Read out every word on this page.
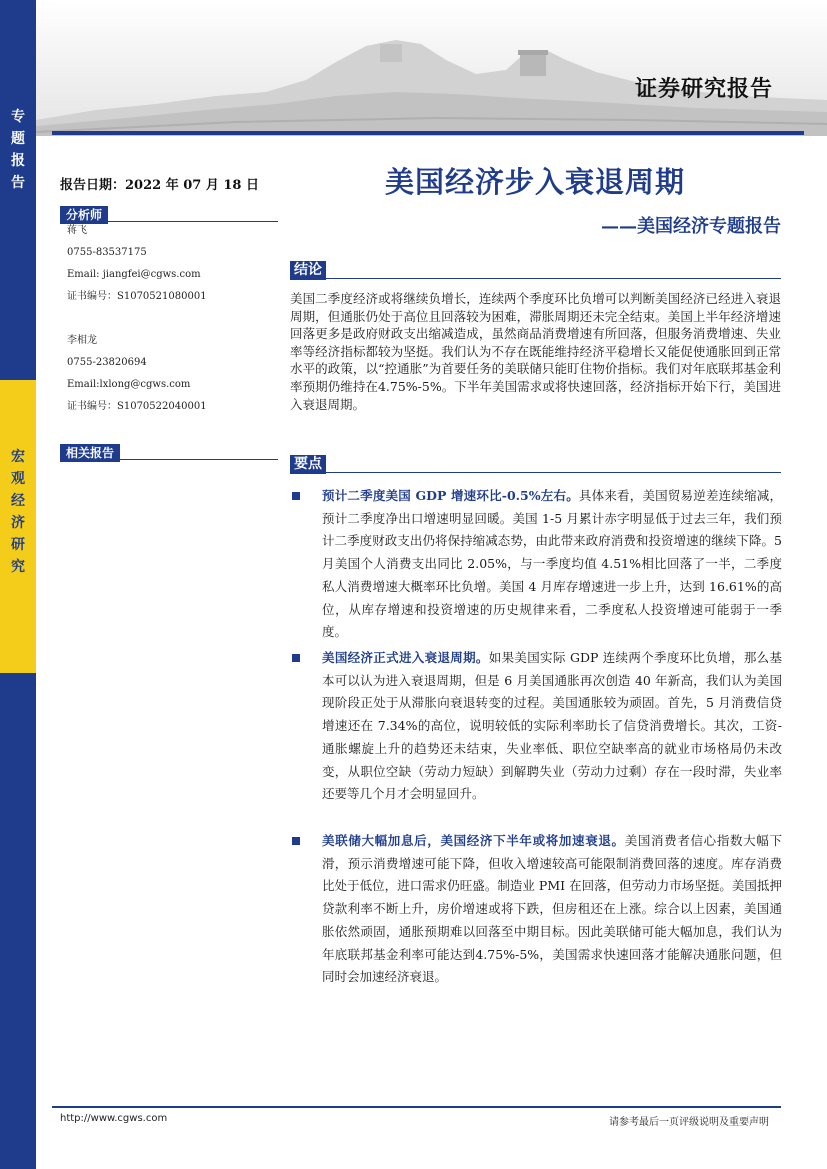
专
题
报
告
宏
观
经
济
研
究
证券研究报告
报告日期：2022 年 07 月 18 日
分析师
蒋飞
0755-83537175
Email: jiangfei@cgws.com
证书编号：S1070521080001
李相龙
0755-23820694
Email:lxlong@cgws.com
证书编号：S1070522040001
相关报告
美国经济步入衰退周期
——美国经济专题报告
结论
美国二季度经济或将继续负增长，连续两个季度环比负增可以判断美国经济已经进入衰退周期，但通胀仍处于高位且回落较为困难，滞胀周期还未完全结束。美国上半年经济增速回落更多是政府财政支出缩减造成，虽然商品消费增速有所回落，但服务消费增速、失业率等经济指标都较为坚挺。我们认为不存在既能维持经济平稳增长又能促使通胀回到正常水平的政策，以“控通胀”为首要任务的美联储只能盯住物价指标。我们对年底联邦基金利率预期仍维持在4.75%-5%。下半年美国需求或将快速回落，经济指标开始下行，美国进入衰退周期。
要点
预计二季度美国 GDP 增速环比-0.5%左右。具体来看，美国贸易逆差连续缩减，预计二季度净出口增速明显回暖。美国 1-5 月累计赤字明显低于过去三年，我们预计二季度财政支出仍将保持缩减态势，由此带来政府消费和投资增速的继续下降。5 月美国个人消费支出同比 2.05%，与一季度均值 4.51%相比回落了一半，二季度私人消费增速大概率环比负增。美国 4 月库存增速进一步上升，达到 16.61%的高位，从库存增速和投资增速的历史规律来看，二季度私人投资增速可能弱于一季度。
美国经济正式进入衰退周期。如果美国实际 GDP 连续两个季度环比负增，那么基本可以认为进入衰退周期，但是 6 月美国通胀再次创造 40 年新高，我们认为美国现阶段正处于从滞胀向衰退转变的过程。美国通胀较为顽固。首先，5 月消费信贷增速还在 7.34%的高位，说明较低的实际利率助长了信贷消费增长。其次，工资-通胀螺旋上升的趋势还未结束，失业率低、职位空缺率高的就业市场格局仍未改变，从职位空缺（劳动力短缺）到解聘失业（劳动力过剩）存在一段时滞，失业率还要等几个月才会明显回升。
美联储大幅加息后，美国经济下半年或将加速衰退。美国消费者信心指数大幅下滑，预示消费增速可能下降，但收入增速较高可能限制消费回落的速度。库存消费比处于低位，进口需求仍旺盛。制造业 PMI 在回落，但劳动力市场坚挺。美国抵押贷款利率不断上升，房价增速或将下跌，但房租还在上涨。综合以上因素，美国通胀依然顽固，通胀预期难以回落至中期目标。因此美联储可能大幅加息，我们认为年底联邦基金利率可能达到4.75%-5%，美国需求快速回落才能解决通胀问题，但同时会加速经济衰退。
http://www.cgws.com	请参考最后一页评级说明及重要声明
